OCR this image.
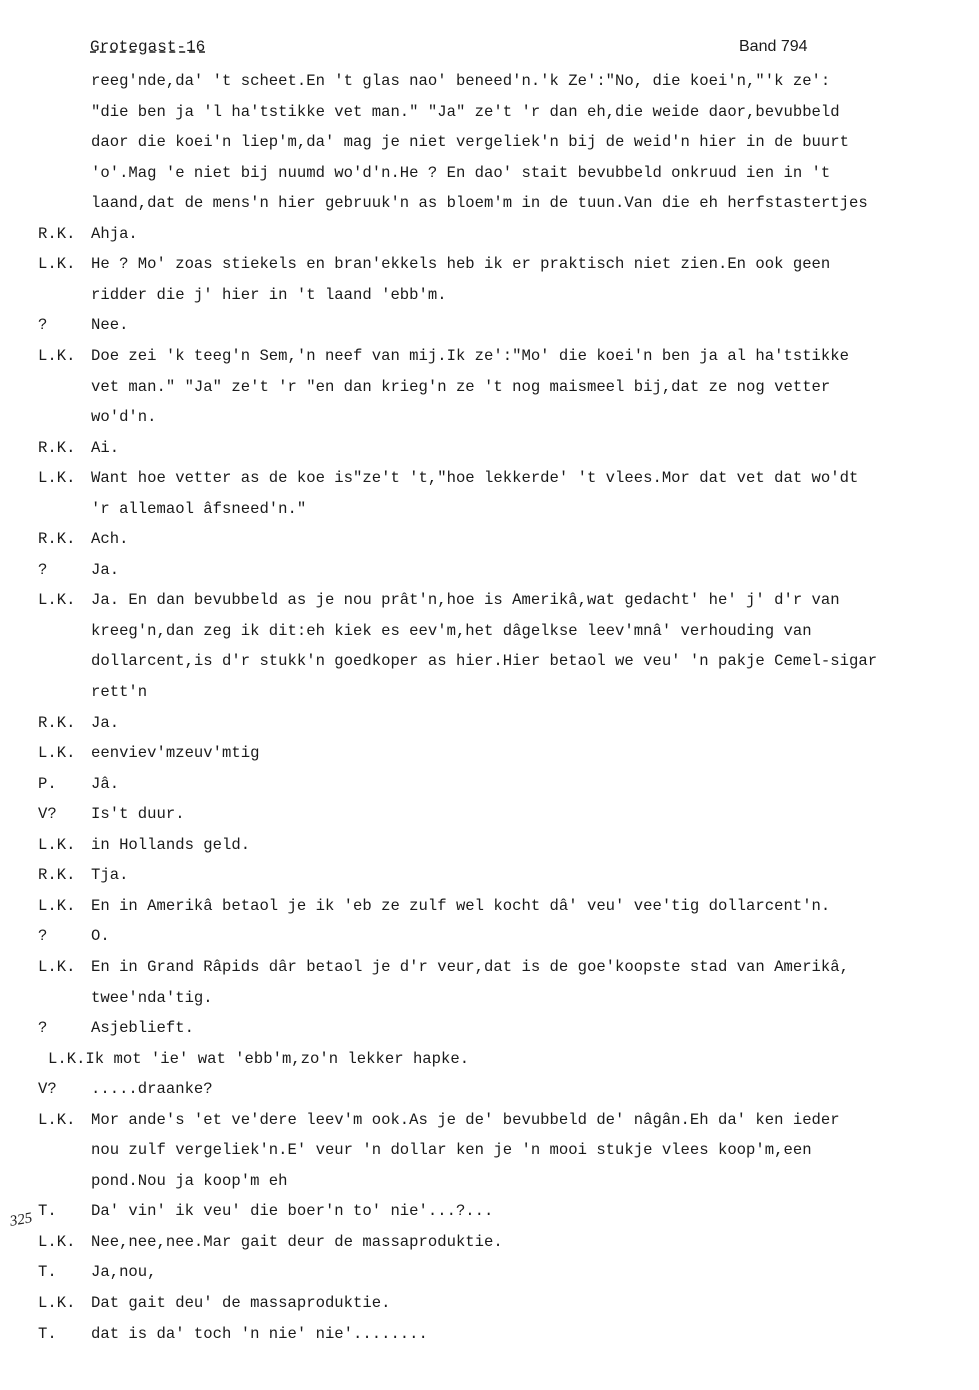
Grotegast-16	Band 794
325
reeg'nde,da' 't scheet.En 't glas nao' beneed'n.'k Ze':"No, die koei'n,"'k ze':
"die ben ja 'l ha'tstikke vet man." "Ja" ze't 'r dan eh,die weide daor,bevubbeld
daor die koei'n liep'm,da' mag je niet vergeliek'n bij de weid'n hier in de buurt
'o'.Mag 'e niet bij nuumd wo'd'n.He ? En dao' stait bevubbeld onkruud ien in 't
laand,dat de mens'n hier gebruuk'n as bloem'm in de tuun.Van die eh herfstastertjes
R.K. Ahja.
L.K. He ? Mo' zoas stiekels en bran'ekkels heb ik er praktisch niet zien.En ook geen
ridder die j' hier in 't laand 'ebb'm.
?	Nee.
L.K. Doe zei 'k teeg'n Sem,'n neef van mij.Ik ze':"Mo' die koei'n ben ja al ha'tstikke
vet man." "Ja" ze't 'r "en dan krieg'n ze 't nog maismeel bij,dat ze nog vetter
wo'd'n.
R.K. Ai.
L.K. Want hoe vetter as de koe is"ze't 't,"hoe lekkerde' 't vlees.Mor dat vet dat wo'dt
'r allemaol âfsneed'n."
R.K. Ach.
?	Ja.
L.K. Ja. En dan bevubbeld as je nou prât'n,hoe is Amerikâ,wat gedacht' he' j' d'r van
kreeg'n,dan zeg ik dit:eh kiek es eev'm,het dâgelkse leev'mnâ' verhouding van
dollarcent,is d'r stukk'n goedkoper as hier.Hier betaol we veu' 'n pakje Cemel-sigar
rett'n
R.K. Ja.
L.K. eenviev'mzeuv'mtig
P. Jâ.
V? Is't duur.
L.K. in Hollands geld.
R.K. Tja.
L.K. En in Amerikâ betaol je ik 'eb ze zulf wel kocht dâ' veu' vee'tig dollarcent'n.
?	O.
L.K. En in Grand Râpids dâr betaol je d'r veur,dat is de goe'koopste stad van Amerikâ,
twee'nda'tig.
?	Asjeblieft.
L.K.Ik mot 'ie' wat 'ebb'm,zo'n lekker hapke.
V? .....draanke?
L.K. Mor ande's 'et ve'dere leev'm ook.As je de' bevubbeld de' nâgân.Eh da' ken ieder
nou zulf vergeliek'n.E' veur 'n dollar ken je 'n mooi stukje vlees koop'm,een
pond.Nou ja koop'm eh
T. Da' vin' ik veu' die boer'n to' nie'...?...
L.K. Nee,nee,nee.Mar gait deur de massaproduktie.
T. Ja,nou,
L.K. Dat gait deu' de massaproduktie.
T. dat is da' toch 'n nie' nie'........
